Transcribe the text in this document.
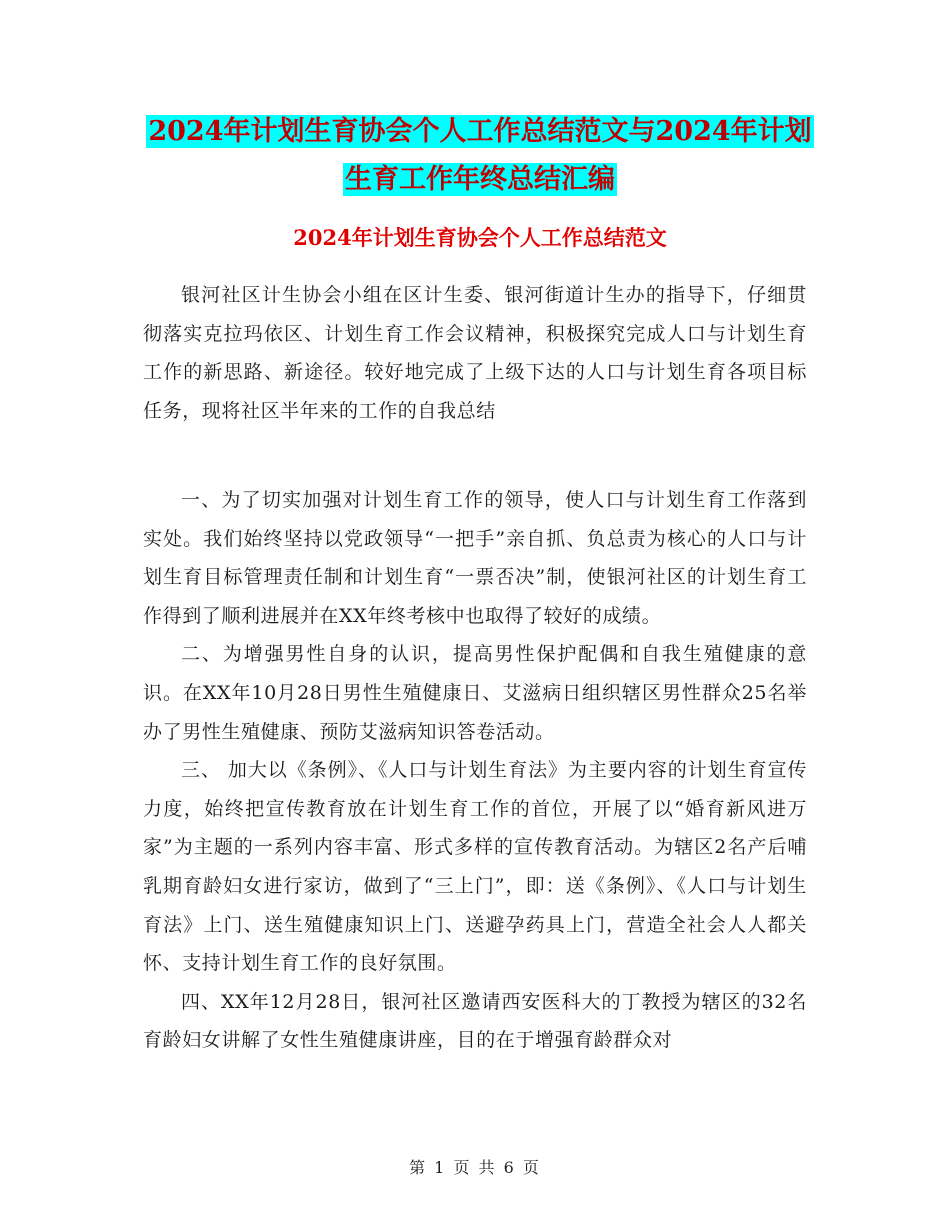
2024年计划生育协会个人工作总结范文与2024年计划
生育工作年终总结汇编
2024年计划生育协会个人工作总结范文

银河社区计生协会小组在区计生委、银河街道计生办的指导下，仔细贯彻落实克拉玛依区、计划生育工作会议精神，积极探究完成人口与计划生育工作的新思路、新途径。较好地完成了上级下达的人口与计划生育各项目标任务，现将社区半年来的工作的自我总结

一、为了切实加强对计划生育工作的领导，使人口与计划生育工作落到实处。我们始终坚持以党政领导“一把手”亲自抓、负总责为核心的人口与计划生育目标管理责任制和计划生育“一票否决”制，使银河社区的计划生育工作得到了顺利进展并在XX年终考核中也取得了较好的成绩。

二、为增强男性自身的认识，提高男性保护配偶和自我生殖健康的意识。在XX年10月28日男性生殖健康日、艾滋病日组织辖区男性群众25名举办了男性生殖健康、预防艾滋病知识答卷活动。

三、 加大以《条例》、《人口与计划生育法》为主要内容的计划生育宣传力度，始终把宣传教育放在计划生育工作的首位，开展了以“婚育新风进万家”为主题的一系列内容丰富、形式多样的宣传教育活动。为辖区2名产后哺乳期育龄妇女进行家访，做到了“三上门”，即：送《条例》、《人口与计划生育法》上门、送生殖健康知识上门、送避孕药具上门，营造全社会人人都关怀、支持计划生育工作的良好氛围。

四、XX年12月28日，银河社区邀请西安医科大的丁教授为辖区的32名育龄妇女讲解了女性生殖健康讲座，目的在于增强育龄群众对

第 1 页 共 6 页
